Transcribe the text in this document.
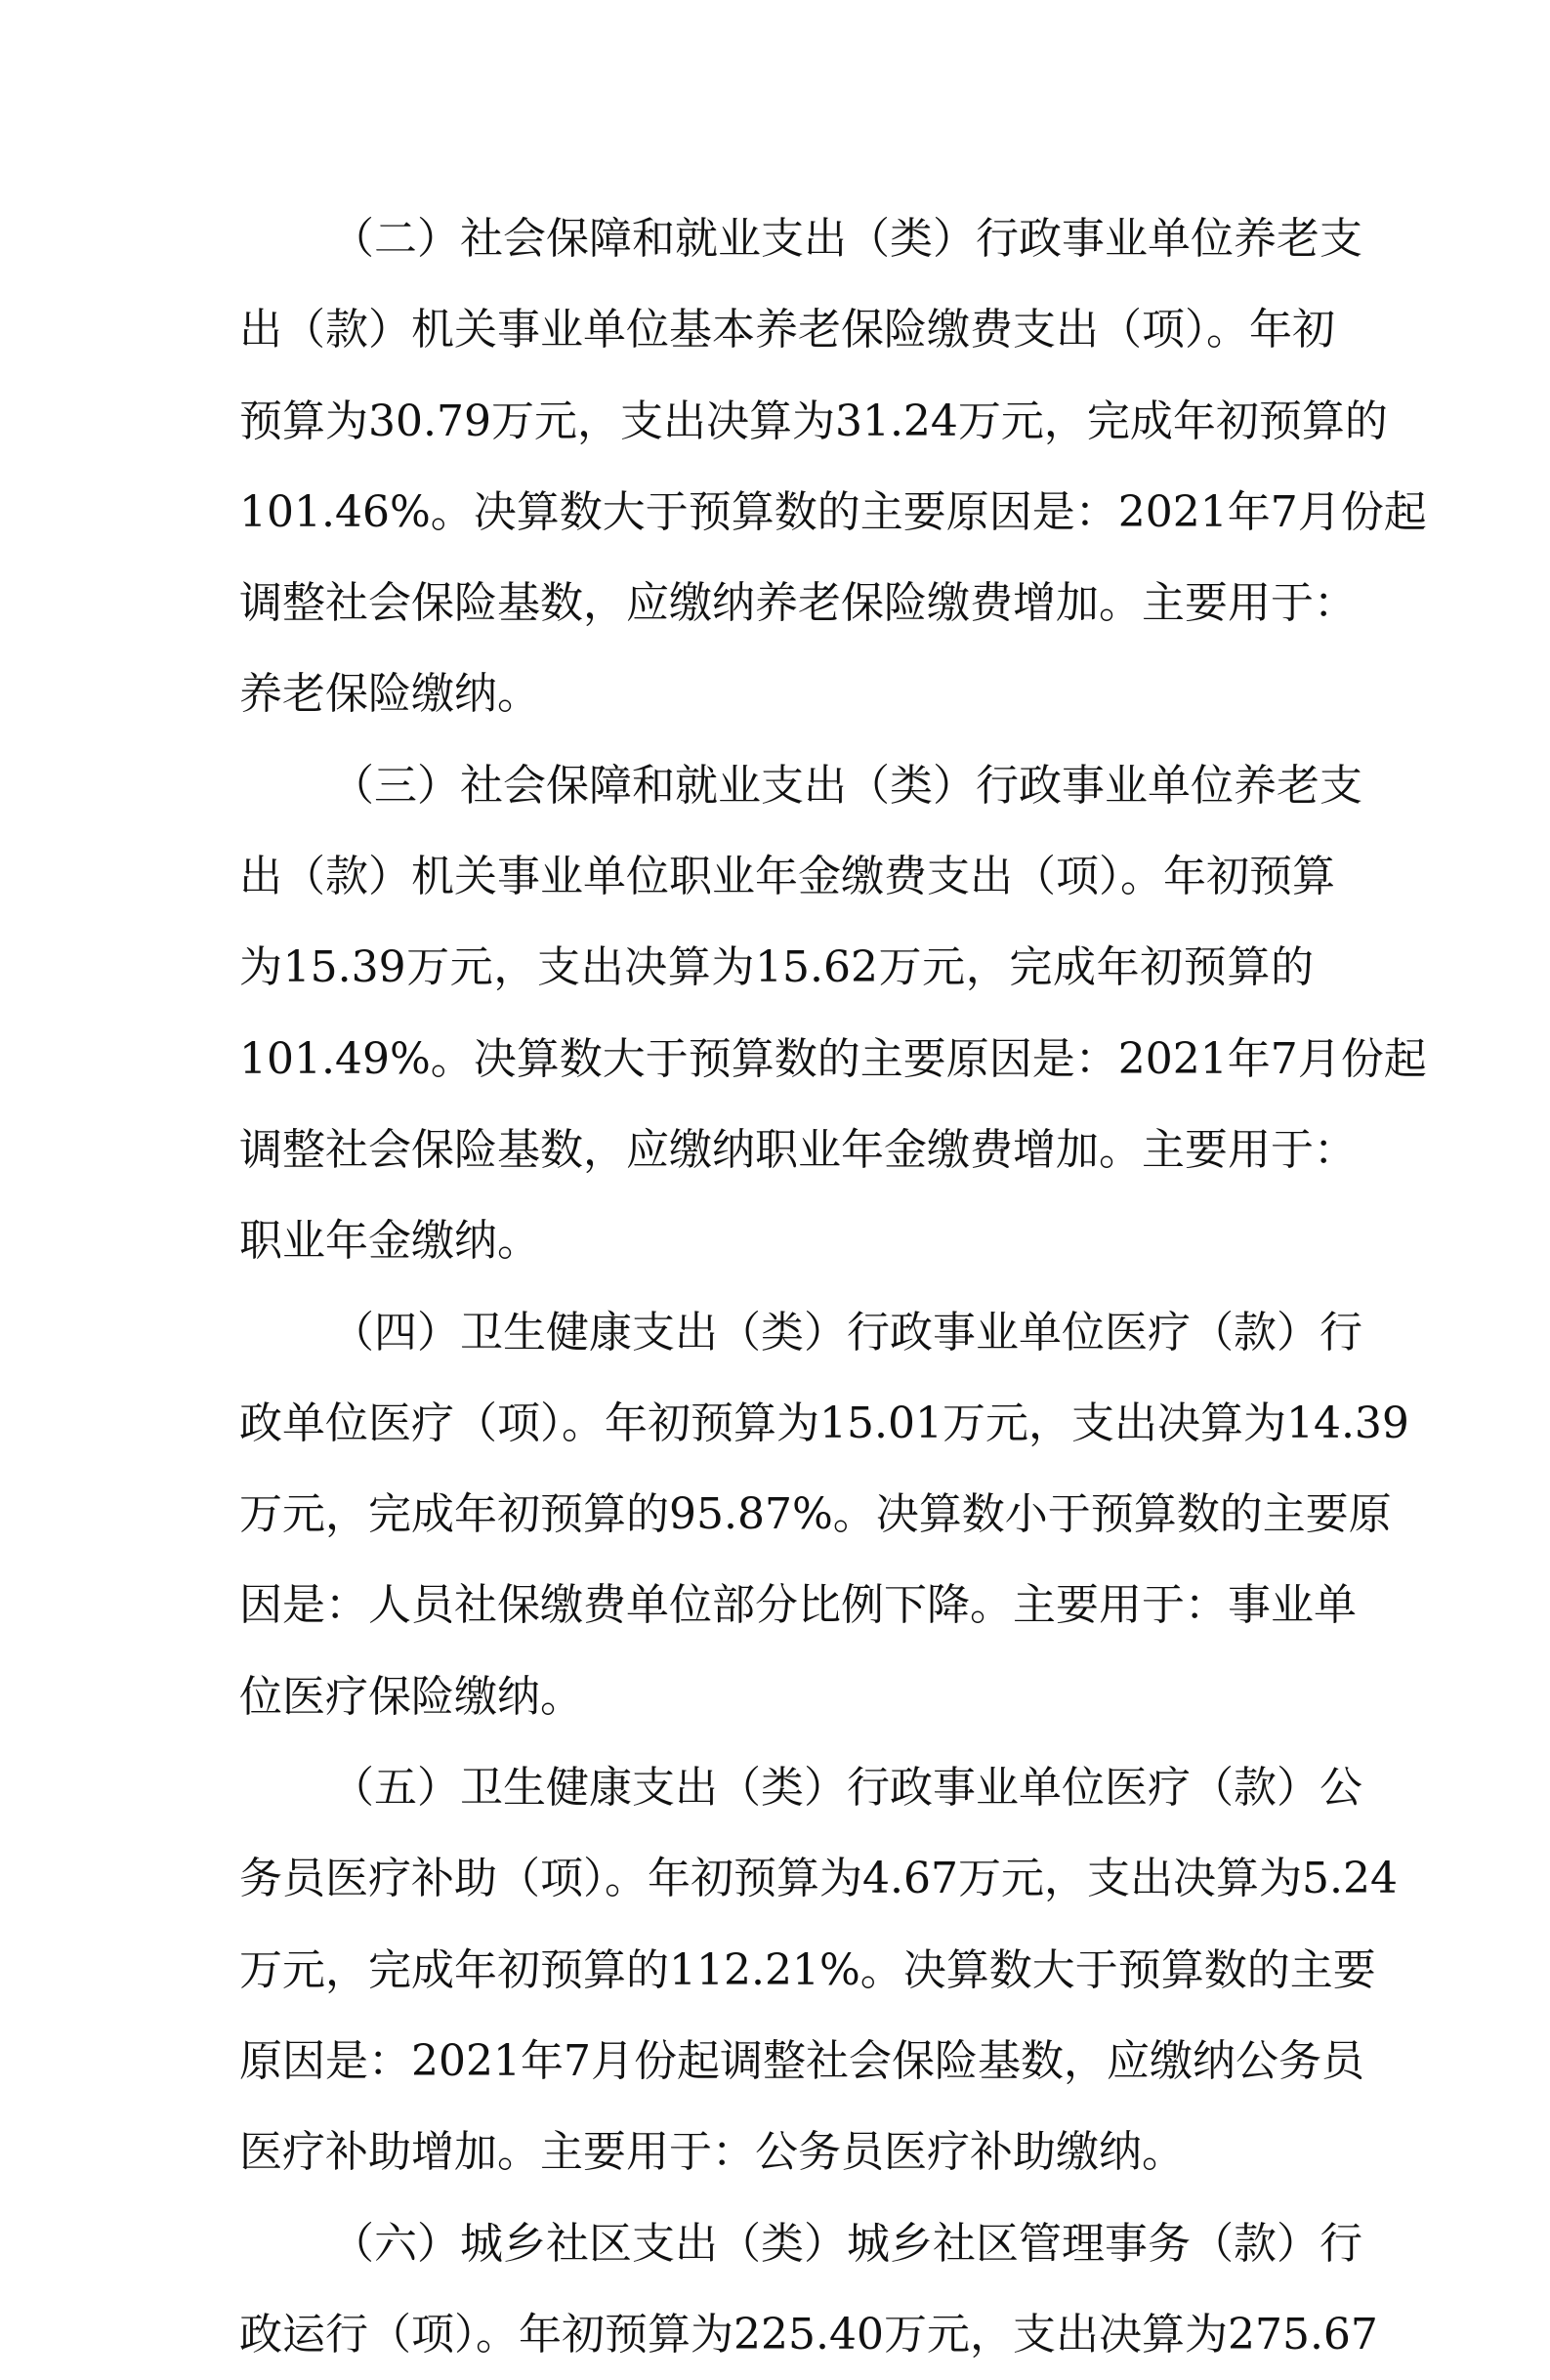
（二）社会保障和就业支出（类）行政事业单位养老支
出（款）机关事业单位基本养老保险缴费支出（项）。年初
预算为30.79万元，支出决算为31.24万元，完成年初预算的
101.46%。决算数大于预算数的主要原因是：2021年7月份起
调整社会保险基数，应缴纳养老保险缴费增加。主要用于：
养老保险缴纳。
（三）社会保障和就业支出（类）行政事业单位养老支
出（款）机关事业单位职业年金缴费支出（项）。年初预算
为15.39万元，支出决算为15.62万元，完成年初预算的
101.49%。决算数大于预算数的主要原因是：2021年7月份起
调整社会保险基数，应缴纳职业年金缴费增加。主要用于：
职业年金缴纳。
（四）卫生健康支出（类）行政事业单位医疗（款）行
政单位医疗（项）。年初预算为15.01万元，支出决算为14.39
万元，完成年初预算的95.87%。决算数小于预算数的主要原
因是：人员社保缴费单位部分比例下降。主要用于：事业单
位医疗保险缴纳。
（五）卫生健康支出（类）行政事业单位医疗（款）公
务员医疗补助（项）。年初预算为4.67万元，支出决算为5.24
万元，完成年初预算的112.21%。决算数大于预算数的主要
原因是：2021年7月份起调整社会保险基数，应缴纳公务员
医疗补助增加。主要用于：公务员医疗补助缴纳。
（六）城乡社区支出（类）城乡社区管理事务（款）行
政运行（项）。年初预算为225.40万元，支出决算为275.67
